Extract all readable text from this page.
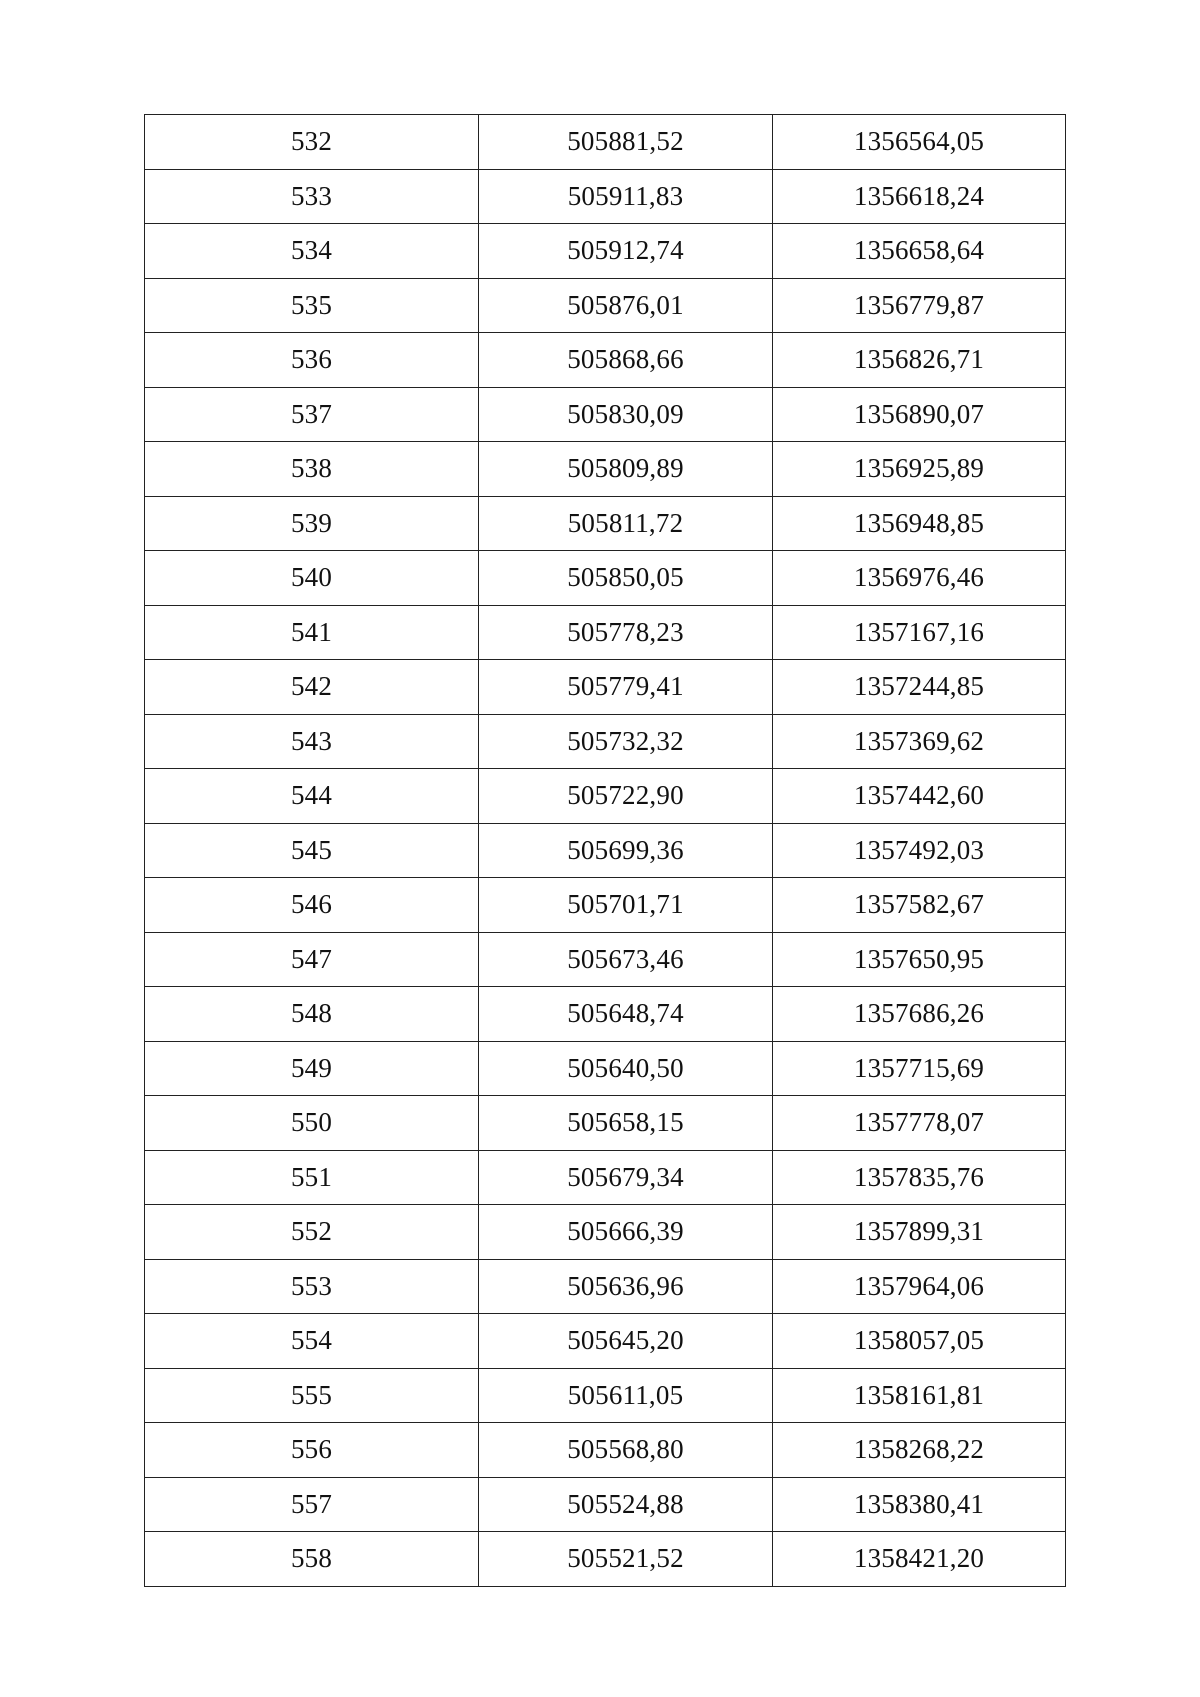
532	505881,52	1356564,05
533	505911,83	1356618,24
534	505912,74	1356658,64
535	505876,01	1356779,87
536	505868,66	1356826,71
537	505830,09	1356890,07
538	505809,89	1356925,89
539	505811,72	1356948,85
540	505850,05	1356976,46
541	505778,23	1357167,16
542	505779,41	1357244,85
543	505732,32	1357369,62
544	505722,90	1357442,60
545	505699,36	1357492,03
546	505701,71	1357582,67
547	505673,46	1357650,95
548	505648,74	1357686,26
549	505640,50	1357715,69
550	505658,15	1357778,07
551	505679,34	1357835,76
552	505666,39	1357899,31
553	505636,96	1357964,06
554	505645,20	1358057,05
555	505611,05	1358161,81
556	505568,80	1358268,22
557	505524,88	1358380,41
558	505521,52	1358421,20
